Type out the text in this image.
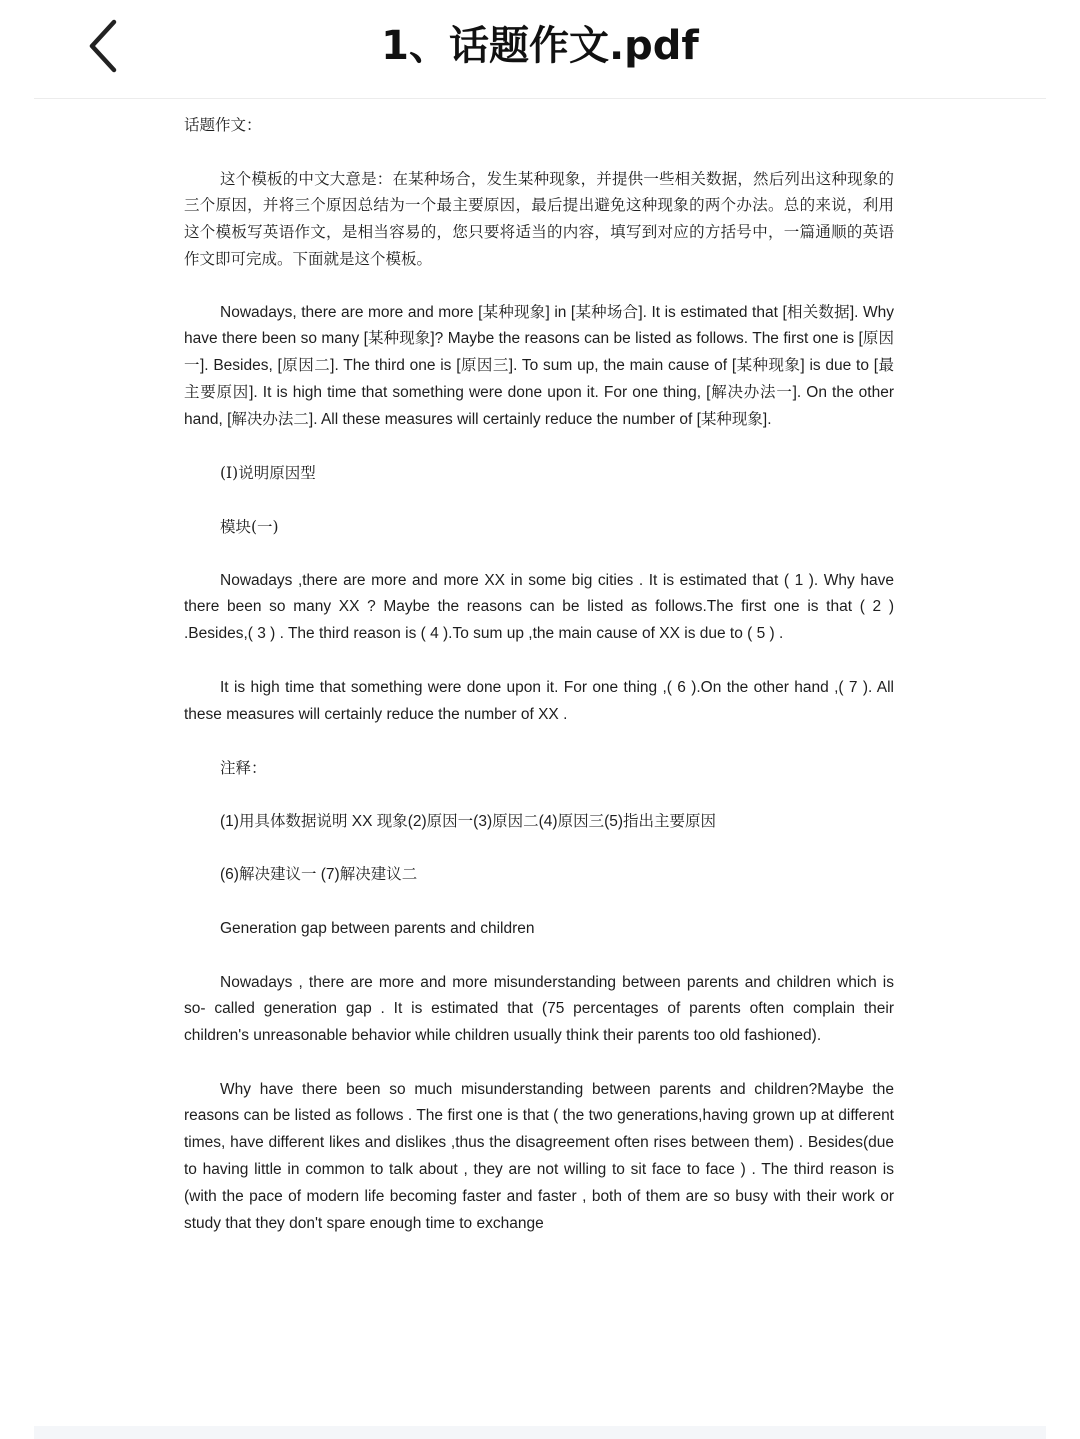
1、话题作文.pdf

话题作文：

这个模板的中文大意是：在某种场合，发生某种现象，并提供一些相关数据，然后列出这种现象的三个原因，并将三个原因总结为一个最主要原因，最后提出避免这种现象的两个办法。总的来说，利用这个模板写英语作文，是相当容易的，您只要将适当的内容，填写到对应的方括号中，一篇通顺的英语作文即可完成。下面就是这个模板。

Nowadays, there are more and more [某种现象] in [某种场合]. It is estimated that [相关数据]. Why have there been so many [某种现象]? Maybe the reasons can be listed as follows. The first one is [原因一]. Besides, [原因二]. The third one is [原因三]. To sum up, the main cause of [某种现象] is due to [最主要原因]. It is high time that something were done upon it. For one thing, [解决办法一]. On the other hand, [解决办法二]. All these measures will certainly reduce the number of [某种现象].

(I)说明原因型

模块(一)

Nowadays ,there are more and more XX in some big cities . It is estimated that ( 1 ). Why have there been so many XX ? Maybe the reasons can be listed as follows.The first one is that ( 2 ) .Besides,( 3 ) . The third reason is ( 4 ).To sum up ,the main cause of XX is due to ( 5 ) .

It is high time that something were done upon it. For one thing ,( 6 ).On the other hand ,( 7 ). All these measures will certainly reduce the number of XX .

注释：

(1)用具体数据说明 XX 现象(2)原因一(3)原因二(4)原因三(5)指出主要原因

(6)解决建议一 (7)解决建议二

Generation gap between parents and children

Nowadays , there are more and more misunderstanding between parents and children which is so- called generation gap . It is estimated that (75 percentages of parents often complain their children's unreasonable behavior while children usually think their parents too old fashioned).

Why have there been so much misunderstanding between parents and children?Maybe the reasons can be listed as follows . The first one is that ( the two generations,having grown up at different times, have different likes and dislikes ,thus the disagreement often rises between them) . Besides(due to having little in common to talk about , they are not willing to sit face to face ) . The third reason is (with the pace of modern life becoming faster and faster , both of them are so busy with their work or study that they don't spare enough time to exchange
